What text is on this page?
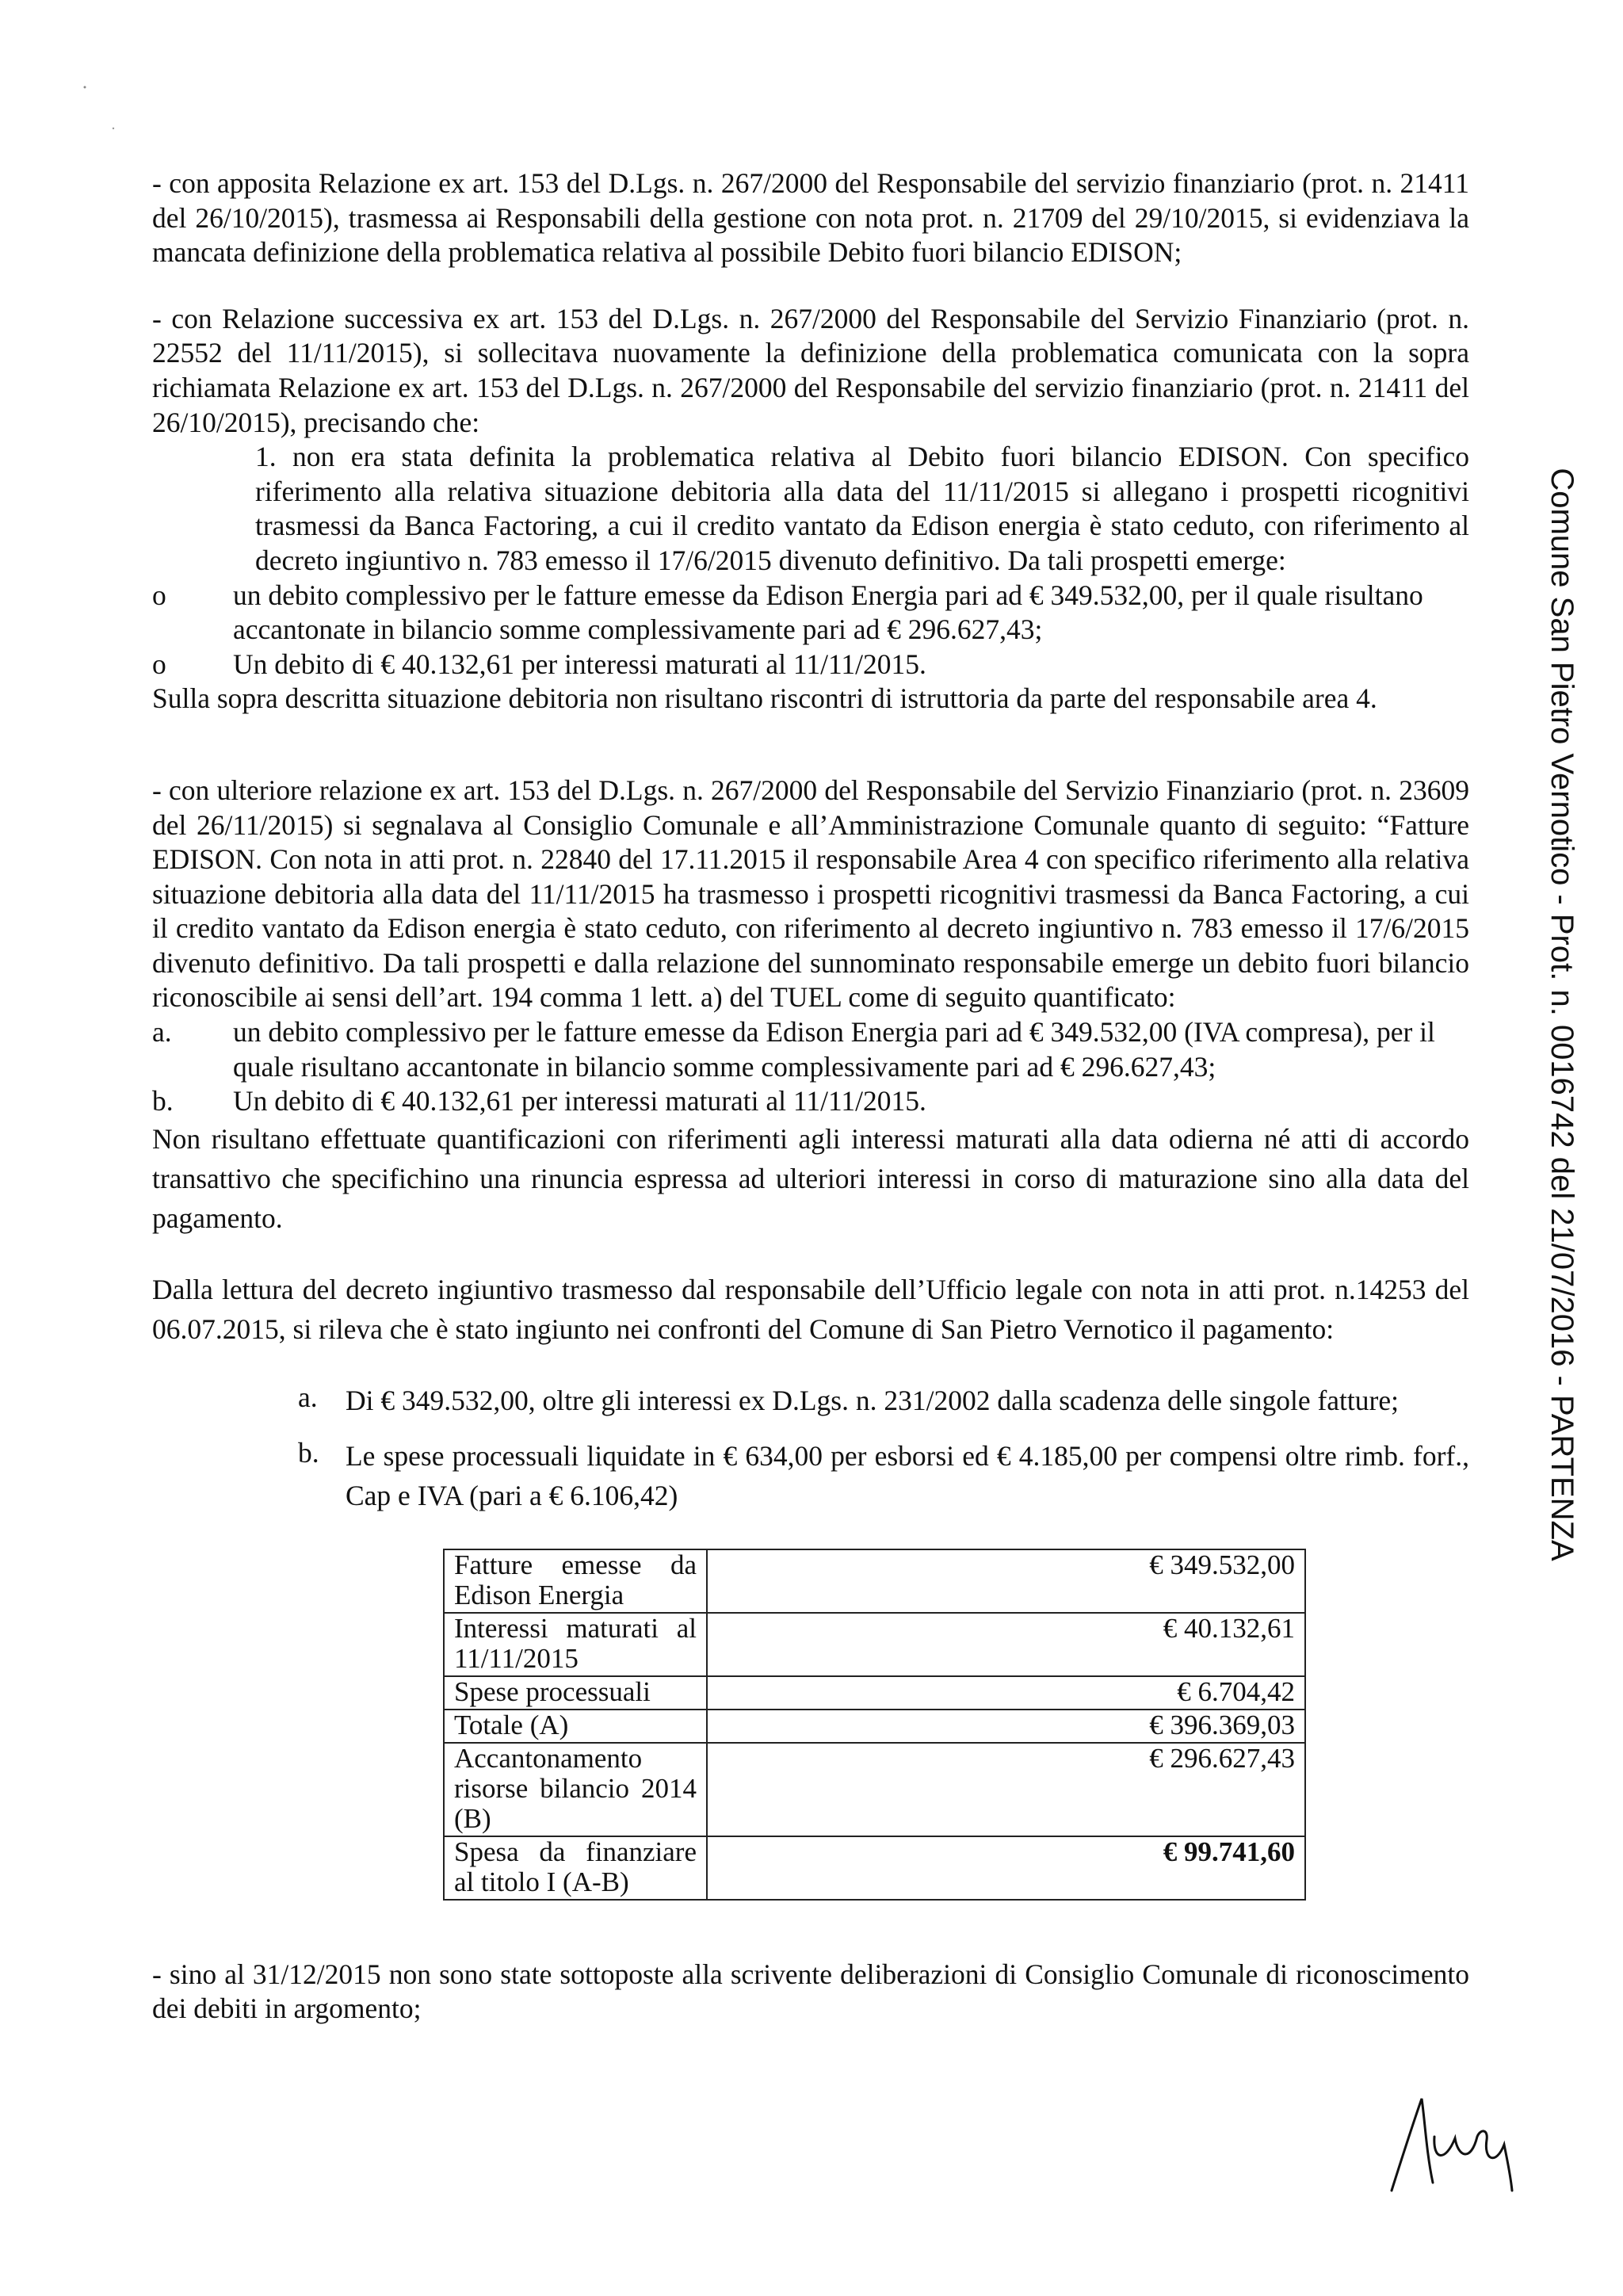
- con apposita Relazione ex art. 153 del D.Lgs. n. 267/2000 del Responsabile del servizio finanziario (prot. n. 21411 del 26/10/2015), trasmessa ai Responsabili della gestione con nota prot. n. 21709 del 29/10/2015, si evidenziava la mancata definizione della problematica relativa al possibile Debito fuori bilancio EDISON;

- con Relazione successiva ex art. 153 del D.Lgs. n. 267/2000 del Responsabile del Servizio Finanziario (prot. n. 22552 del 11/11/2015), si sollecitava nuovamente la definizione della problematica comunicata con la sopra richiamata Relazione ex art. 153 del D.Lgs. n. 267/2000 del Responsabile del servizio finanziario (prot. n. 21411 del 26/10/2015), precisando che:

1. non era stata definita la problematica relativa al Debito fuori bilancio EDISON. Con specifico riferimento alla relativa situazione debitoria alla data del 11/11/2015 si allegano i prospetti ricognitivi trasmessi da Banca Factoring, a cui il credito vantato da Edison energia è stato ceduto, con riferimento al decreto ingiuntivo n. 783 emesso il 17/6/2015 divenuto definitivo. Da tali prospetti emerge:

o	un debito complessivo per le fatture emesse da Edison Energia pari ad € 349.532,00, per il quale risultano accantonate in bilancio somme complessivamente pari ad € 296.627,43;
o	Un debito di € 40.132,61 per interessi maturati al 11/11/2015.

Sulla sopra descritta situazione debitoria non risultano riscontri di istruttoria da parte del responsabile area 4.

- con ulteriore relazione ex art. 153 del D.Lgs. n. 267/2000 del Responsabile del Servizio Finanziario (prot. n. 23609 del 26/11/2015) si segnalava al Consiglio Comunale e all’Amministrazione Comunale quanto di seguito: “Fatture EDISON. Con nota in atti prot. n. 22840 del 17.11.2015 il responsabile Area 4 con specifico riferimento alla relativa situazione debitoria alla data del 11/11/2015 ha trasmesso i prospetti ricognitivi trasmessi da Banca Factoring, a cui il credito vantato da Edison energia è stato ceduto, con riferimento al decreto ingiuntivo n. 783 emesso il 17/6/2015 divenuto definitivo. Da tali prospetti e dalla relazione del sunnominato responsabile emerge un debito fuori bilancio riconoscibile ai sensi dell’art. 194 comma 1 lett. a) del TUEL come di seguito quantificato:

a.	un debito complessivo per le fatture emesse da Edison Energia pari ad € 349.532,00 (IVA compresa), per il quale risultano accantonate in bilancio somme complessivamente pari ad € 296.627,43;
b.	Un debito di € 40.132,61 per interessi maturati al 11/11/2015.

Non risultano effettuate quantificazioni con riferimenti agli interessi maturati alla data odierna né atti di accordo transattivo che specifichino una rinuncia espressa ad ulteriori interessi in corso di maturazione sino alla data del pagamento.

Dalla lettura del decreto ingiuntivo trasmesso dal responsabile dell’Ufficio legale con nota in atti prot. n.14253 del 06.07.2015, si rileva che è stato ingiunto nei confronti del Comune di San Pietro Vernotico il pagamento:

a. Di € 349.532,00, oltre gli interessi ex D.Lgs. n. 231/2002 dalla scadenza delle singole fatture;
b. Le spese processuali liquidate in € 634,00 per esborsi ed € 4.185,00 per compensi oltre rimb. forf., Cap e IVA (pari a € 6.106,42)
Fatture emesse da Edison Energia	€ 349.532,00
Interessi maturati al 11/11/2015	€ 40.132,61
Spese processuali	€ 6.704,42
Totale (A)	€ 396.369,03
Accantonamento risorse bilancio 2014 (B)	€ 296.627,43
Spesa da finanziare al titolo I (A-B)	€ 99.741,60

- sino al 31/12/2015 non sono state sottoposte alla scrivente deliberazioni di Consiglio Comunale di riconoscimento dei debiti in argomento;

Comune San Pietro Vernotico - Prot. n. 0016742 del 21/07/2016 - PARTENZA
